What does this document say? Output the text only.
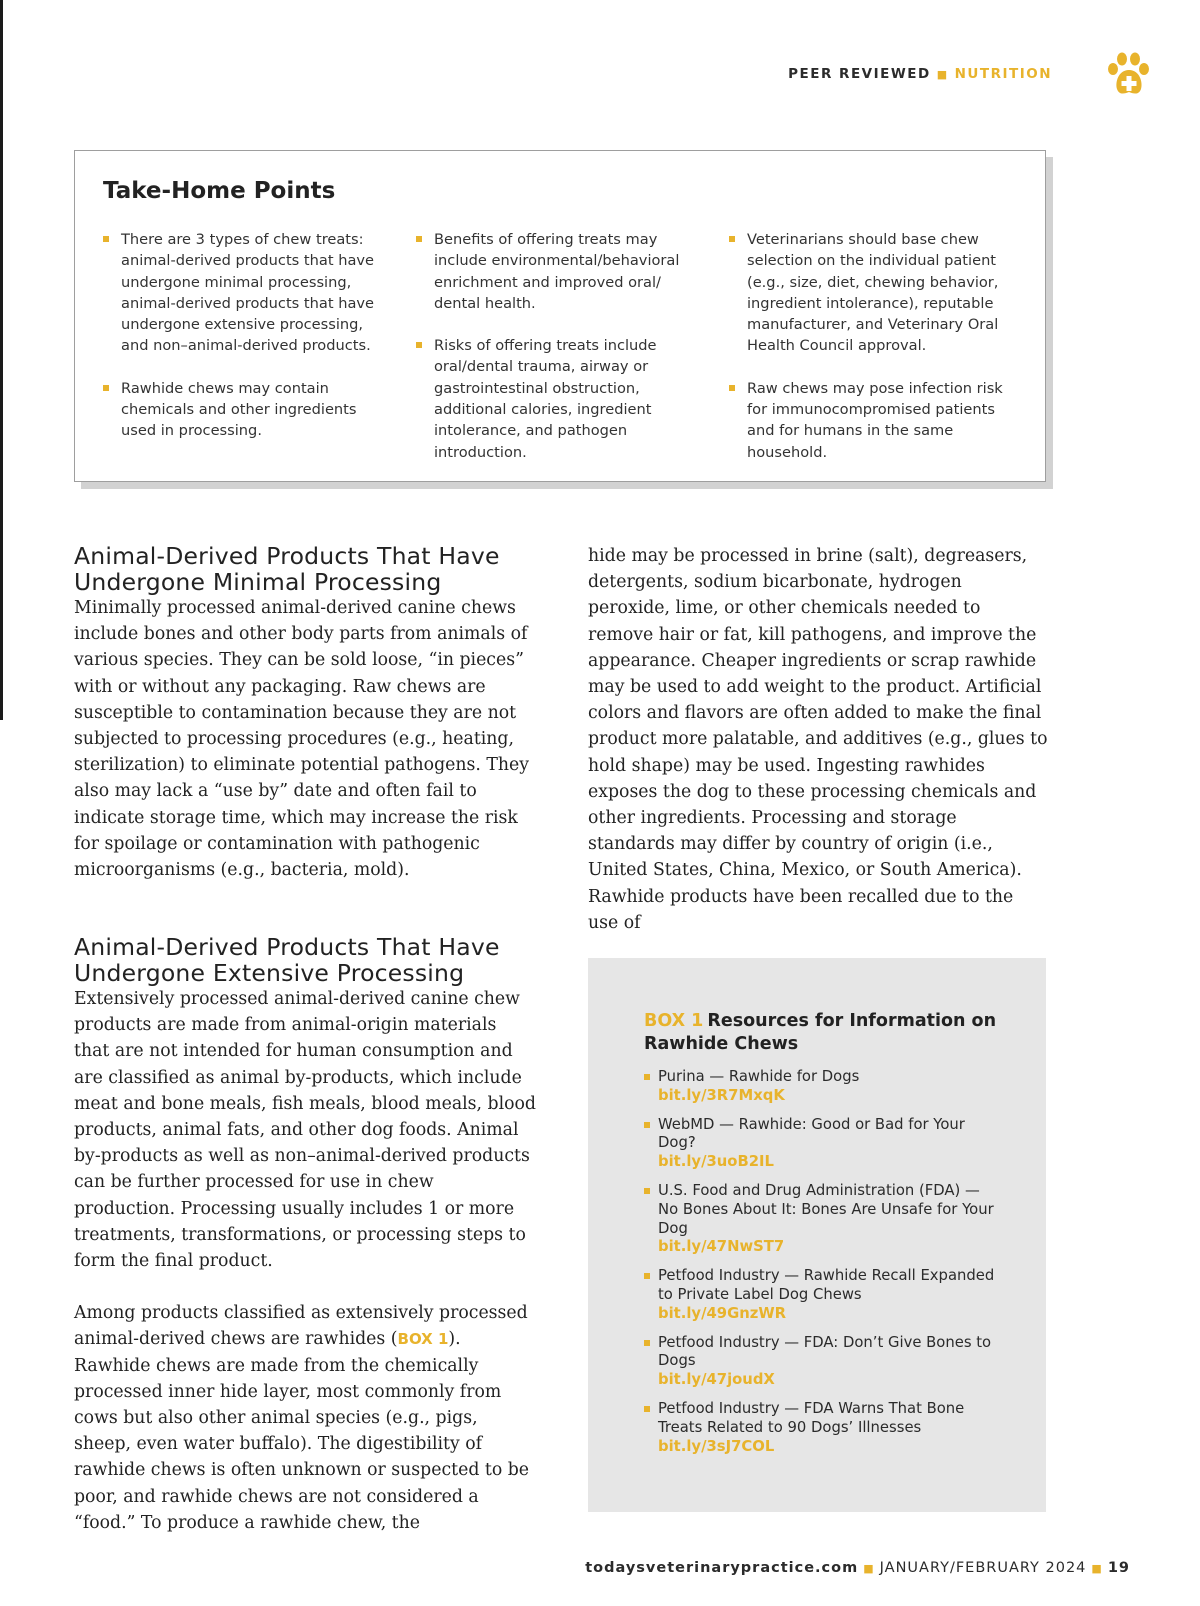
PEER REVIEWED ■ NUTRITION
Take-Home Points
There are 3 types of chew treats: animal-derived products that have undergone minimal processing, animal-derived products that have undergone extensive processing, and non–animal-derived products.
Rawhide chews may contain chemicals and other ingredients used in processing.
Benefits of offering treats may include environmental/behavioral enrichment and improved oral/ dental health.
Risks of offering treats include oral/dental trauma, airway or gastrointestinal obstruction, additional calories, ingredient intolerance, and pathogen introduction.
Veterinarians should base chew selection on the individual patient (e.g., size, diet, chewing behavior, ingredient intolerance), reputable manufacturer, and Veterinary Oral Health Council approval.
Raw chews may pose infection risk for immunocompromised patients and for humans in the same household.
Animal-Derived Products That Have Undergone Minimal Processing

Minimally processed animal-derived canine chews include bones and other body parts from animals of various species. They can be sold loose, “in pieces” with or without any packaging. Raw chews are susceptible to contamination because they are not subjected to processing procedures (e.g., heating, sterilization) to eliminate potential pathogens. They also may lack a “use by” date and often fail to indicate storage time, which may increase the risk for spoilage or contamination with pathogenic microorganisms (e.g., bacteria, mold).

hide may be processed in brine (salt), degreasers, detergents, sodium bicarbonate, hydrogen peroxide, lime, or other chemicals needed to remove hair or fat, kill pathogens, and improve the appearance. Cheaper ingredients or scrap rawhide may be used to add weight to the product. Artificial colors and flavors are often added to make the final product more palatable, and additives (e.g., glues to hold shape) may be used. Ingesting rawhides exposes the dog to these processing chemicals and other ingredients. Processing and storage standards may differ by country of origin (i.e., United States, China, Mexico, or South America). Rawhide products have been recalled due to the use of

Animal-Derived Products That Have Undergone Extensive Processing

Extensively processed animal-derived canine chew products are made from animal-origin materials that are not intended for human consumption and are classified as animal by-products, which include meat and bone meals, fish meals, blood meals, blood products, animal fats, and other dog foods. Animal by-products as well as non–animal-derived products can be further processed for use in chew production. Processing usually includes 1 or more treatments, transformations, or processing steps to form the final product.

Among products classified as extensively processed animal-derived chews are rawhides (BOX 1). Rawhide chews are made from the chemically processed inner hide layer, most commonly from cows but also other animal species (e.g., pigs, sheep, even water buffalo). The digestibility of rawhide chews is often unknown or suspected to be poor, and rawhide chews are not considered a “food.” To produce a rawhide chew, the

BOX 1 Resources for Information on Rawhide Chews
Purina — Rawhide for Dogs
bit.ly/3R7MxqK
WebMD — Rawhide: Good or Bad for Your Dog?
bit.ly/3uoB2IL
U.S. Food and Drug Administration (FDA) — No Bones About It: Bones Are Unsafe for Your Dog
bit.ly/47NwST7
Petfood Industry — Rawhide Recall Expanded to Private Label Dog Chews
bit.ly/49GnzWR
Petfood Industry — FDA: Don’t Give Bones to Dogs
bit.ly/47joudX
Petfood Industry — FDA Warns That Bone Treats Related to 90 Dogs’ Illnesses
bit.ly/3sJ7COL
todaysveterinarypractice.com ■ JANUARY/FEBRUARY 2024 ■ 19
